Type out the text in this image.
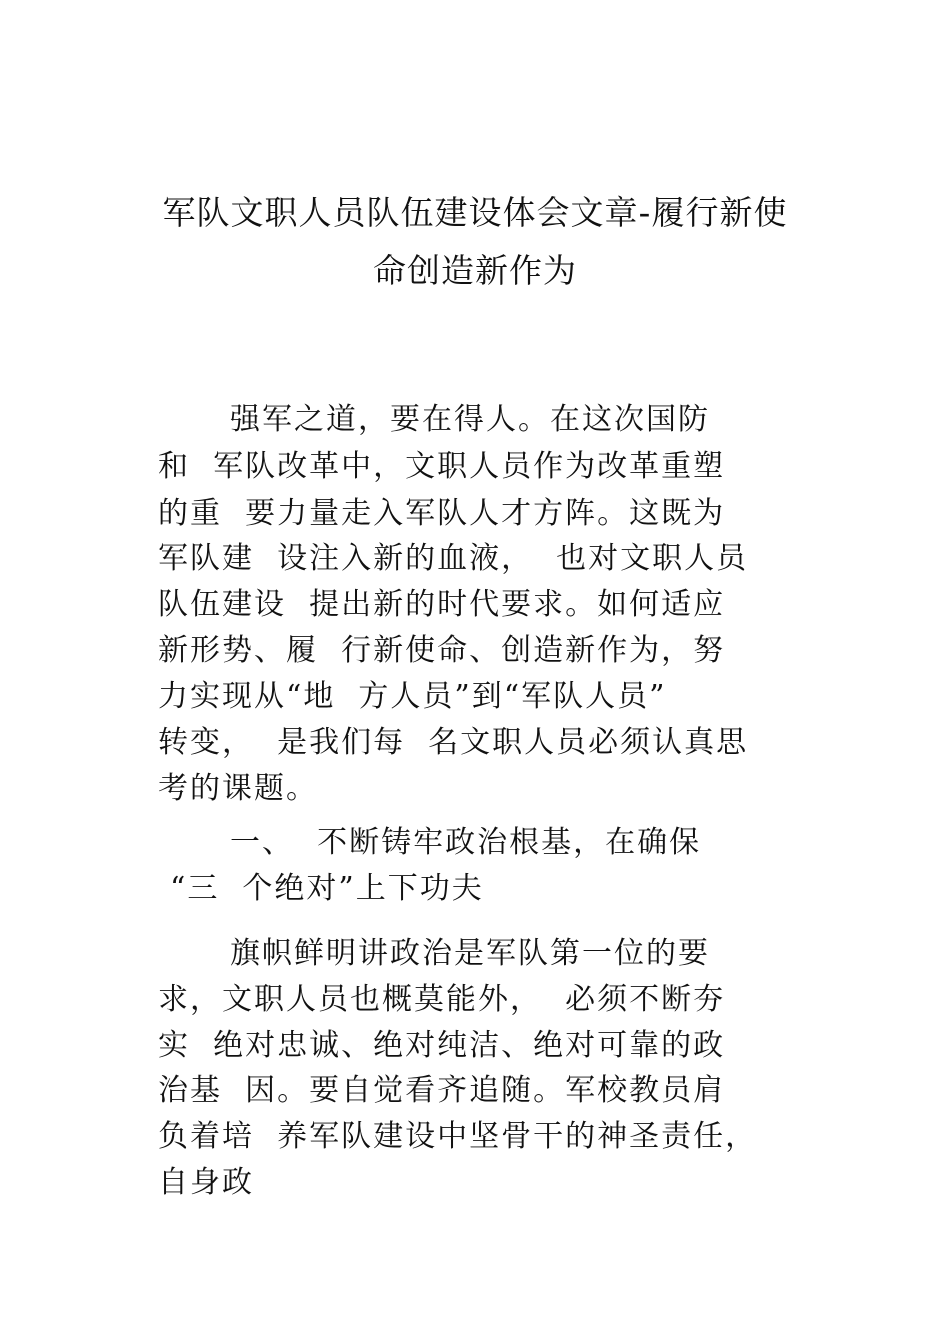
军队文职人员队伍建设体会文章-履行新使
命创造新作为

强军之道，要在得人。在这次国防

和  军队改革中，文职人员作为改革重塑

的重  要力量走入军队人才方阵。这既为

军队建  设注入新的血液，  也对文职人员

队伍建设  提出新的时代要求。如何适应

新形势、履  行新使命、创造新作为，努

力实现从“地  方人员”到“军队人员”

转变，  是我们每  名文职人员必须认真思

考的课题。

一、  不断铸牢政治根基，在确保

“三  个绝对”上下功夫

旗帜鲜明讲政治是军队第一位的要

求，文职人员也概莫能外，  必须不断夯

实  绝对忠诚、绝对纯洁、绝对可靠的政

治基  因。要自觉看齐追随。军校教员肩

负着培  养军队建设中坚骨干的神圣责任，

自身政
